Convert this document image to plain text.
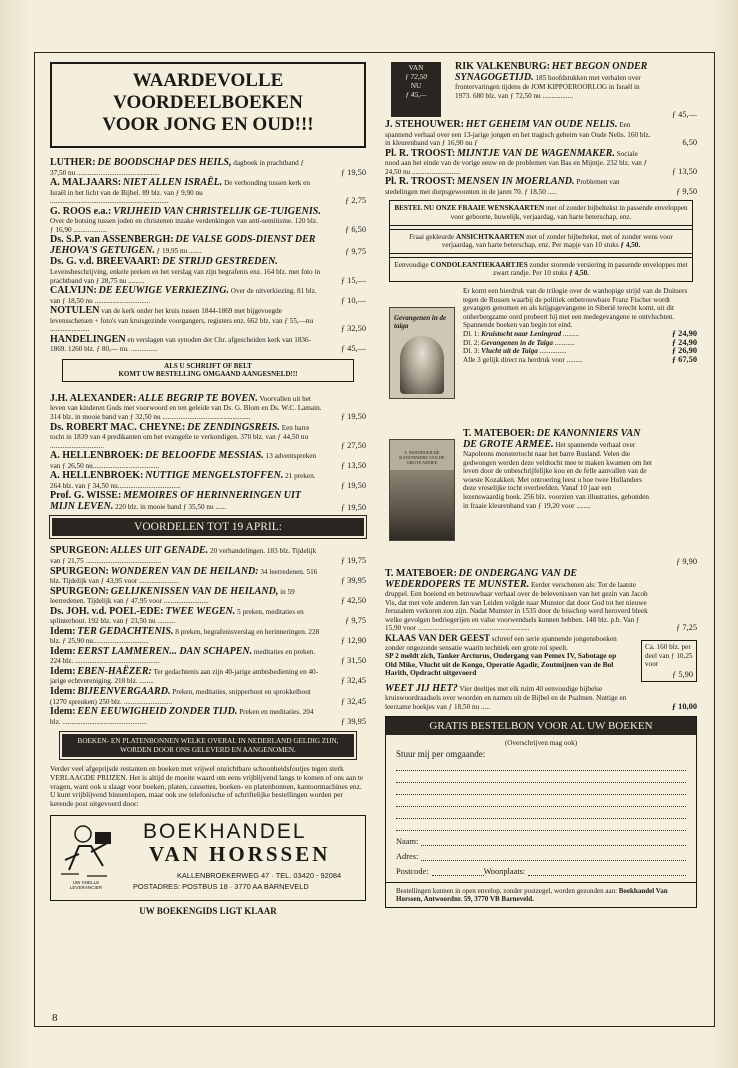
WAARDEVOLLE
VOORDEELBOEKEN
VOOR JONG EN OUD!!!
LUTHER: DE BOODSCHAP DES HEILS, dagboek in prachtband ƒ 37,50 nu ..............................................	ƒ 19,50
A. MALJAARS: NIET ALLEN ISRAËL. De verhouding tussen kerk en Israël in het licht van de Bijbel. 89 blz. van ƒ 9,90 nu ..................................................................	ƒ 2,75
G. ROOS e.a.: VRIJHEID VAN CHRISTELIJK GE-TUIGENIS. Over de botsing tussen joden en christenen inzake verdenkingen van anti-semitisme. 120 blz. ƒ 16,90 ...................	ƒ 6,50
Ds. S.P. van ASSENBERGH: DE VALSE GODS-DIENST DER JEHOVA'S GETUIGEN. ƒ 19,95 nu .......	ƒ 9,75
Ds. G. v.d. BREEVAART: DE STRIJD GESTREDEN. Levensbeschrijving, enkele preken en het verslag van zijn begrafenis enz. 164 blz. met foto in prachtband van ƒ 28,75 nu .........	ƒ 15,—
CALVIJN: DE EEUWIGE VERKIEZING. Over de uitverkiezing. 81 blz. van ƒ 18,50 nu ...............................	ƒ 10,—
NOTULEN van de kerk onder het kruis tussen 1844-1869 met bijgevoegde levensschetsen + foto's van kruisgezinde voorgangers, registers enz. 662 blz. van ƒ 55,—nu ......................	ƒ 32,50
HANDELINGEN en verslagen van synoden der Chr. afgescheiden kerk van 1836-1869. 1260 blz. ƒ 80,— nu. ...............	ƒ 45,—
ALS U SCHRIJFT OF BELT
KOMT UW BESTELLING OMGAAND AANGESNELD!!!
J.H. ALEXANDER: ALLE BEGRIP TE BOVEN. Voorvallen uit het leven van kinderen Gods met voorwoord en ten geleide van Ds. G. Blom en Ds. W.C. Lamain. 314 blz. in mooie band van ƒ 32,50 nu .................................................	ƒ 19,50
Ds. ROBERT MAC. CHEYNE: DE ZENDINGSREIS. Een barre tocht in 1839 van 4 predikanten om het evangelie te verkondigen. 370 blz. van ƒ 44,50 nu ..............................	ƒ 27,50
A. HELLENBROEK: DE BELOOFDE MESSIAS. 13 adventspreken van ƒ 26,50 nu.....................................	ƒ 13,50
A. HELLENBROEK: NUTTIGE MENGELSTOFFEN. 21 preken. 264 blz. van ƒ 34,50 nu...................................	ƒ 19,50
Prof. G. WISSE: MEMOIRES OF HERINNERINGEN UIT MIJN LEVEN. 220 blz. in mooie band ƒ 35,50 nu ......	ƒ 19,50
VOORDELEN TOT 19 APRIL:
SPURGEON: ALLES UIT GENADE. 20 verhandelingen. 183 blz. Tijdelijk van ƒ 21,75 ..........................................	ƒ 19,75
SPURGEON: WONDEREN VAN DE HEILAND: 34 leerredenen. 516 blz. Tijdelijk van ƒ 43,95 voor ......................	ƒ 39,95
SPURGEON: GELIJKENISSEN VAN DE HEILAND, in 59 leerredenen. Tijdelijk van ƒ 47,95 voor .........................	ƒ 42,50
Ds. JOH. v.d. POEL-EDE: TWEE WEGEN. 5 preken, meditaties en splinterhout. 192 blz. van ƒ 23,50 nu ..........	ƒ 9,75
Idem: TER GEDACHTENIS. 8 preken, begrafenisverslag en herinneringen. 228 blz. ƒ 25,90 nu...............................	ƒ 12,90
Idem: EERST LAMMEREN... DAN SCHAPEN. meditaties en preken. 224 blz. ...............................................	ƒ 31,50
Idem: EBEN-HAËZER: Ter gedachtenis aan zijn 40-jarige ambtsbediening en 40-jarige echtvereniging. 218 blz. ........	ƒ 32,45
Idem: BIJEENVERGAARD. Preken, meditaties, snipperhout en sprokkelhout (1270 spreuken) 250 blz. ...........................	ƒ 32,45
Idem: EEN EEUWIGHEID ZONDER TIJD. Preken en meditaties. 204 blz. ...............................................	ƒ 39,95
BOEKEN- EN PLATENBONNEN WELKE OVERAL IN NEDERLAND GELDIG ZIJN, WORDEN DOOR ONS GELEVERD EN AANGENOMEN.
Verder veel afgeprijsde restanten en boeken met vrijwel onzichtbare schoonheidsfoutjes tegen sterk VERLAAGDE PRIJZEN. Het is altijd de moeite waard om eens vrijblijvend langs te komen of ons aan te vragen, want ook u slaagt voor boeken, platen, cassettes, boeken- en platenbonnen, kantoormachines enz. U kunt vrijblijvend binnenlopen, maar ook uw telefonische of schriftelijke bestellingen worden per kerende post uitgevoerd door:
BOEKHANDEL
VAN HORSSEN
KALLENBROEKERWEG 47 · TEL. 03420 - 92084
POSTADRES: POSTBUS 18 · 3770 AA BARNEVELD
UW SNELLE LEVERANCIER
UW BOEKENGIDS LIGT KLAAR
VAN
ƒ 72,50
NU
ƒ 45,—
RIK VALKENBURG: HET BEGON ONDER SYNAGOGETIJD. 185 hoofdstukken met verhalen over frontervaringen tijdens de JOM KIPPOEROORLOG in Israël in 1973. 680 blz. van ƒ 72,50 nu .................
ƒ 45,—
J. STEHOUWER: HET GEHEIM VAN OUDE NELIS. Een spannend verhaal over een 13-jarige jongen en het tragisch geheim van Oude Nelis. 160 blz. in kleurenband van ƒ 16,90 nu ƒ	6,50
Pl. R. TROOST: MIJNTJE VAN DE WAGENMAKER. Sociale nood aan het einde van de vorige eeuw en de problemen van Bas en Mijntje. 232 blz. van ƒ 24,50 nu ...........................	ƒ 13,50
Pl. R. TROOST: MENSEN IN MOERLAND. Problemen van stedelingen met dorpsgewoonten in de jaren 70. ƒ 18,50 .....	ƒ 9,50
BESTEL NU ONZE FRAAIE WENSKAARTEN met of zonder bijbeltekst in passende enveloppen voor geboorte, huwelijk, verjaardag, van harte beterschap, enz.
Fraai gekleurde ANSICHTKAARTEN met of zonder bijbeltekst, met of zonder wens voor verjaardag, van harte beterschap, enz. Per mapje van 10 stuks ƒ 4,50.
Eenvoudige CONDOLEANTIEKAARTJES zonder storende versiering in passende enveloppes met zwart randje. Per 10 stuks ƒ 4,50.
Gevangenen in de taiga
Er komt een hierdruk van de trilogie over de wanhopige strijd van de Duitsers tegen de Russen waarbij de politiek onbetrouwbare Franz Fischer wordt gevangen genomen en als krijgsgevangene in Siberië terecht komt, uit dit onherbergzame oord probeert hij met een medegevangene te ontvluchten. Spannende boeken van begin tot eind.
Dl. 1: Kruistocht naar Leningrad .........	ƒ 24,90
Dl. 2: Gevangenen in de Taiga ...........	ƒ 24,90
Dl. 3: Vlucht uit de Taiga ...............	ƒ 26,90
Alle 3 gelijk direct na herdruk voor .........	ƒ 67,50
T. MATEBOER DE KANONNIERS VAN DE GROTE ARMEE
T. MATEBOER: DE KANONNIERS VAN DE GROTE ARMEE. Het spannende verhaal over Napoleons monstertocht naar het barre Rusland. Velen die gedwongen werden deze veldtocht mee te maken kwamen om het leven door de onbeschrijfelijke kou en de felle aanvallen van de woeste Kozakken. Met ontroering leest u hoe twee Hollanders deze vreselijke tocht overleefden. Vanaf 10 jaar een lezenswaardig boek. 256 blz. voorzien van illustraties, gebonden in fraaie kleurenband van ƒ 19,20 voor ........
ƒ 9,90
T. MATEBOER: DE ONDERGANG VAN DE WEDERDOPERS TE MUNSTER. Eerder verschenen als: Tot de laatste druppel. Een boeiend en betrouwbaar verhaal over de belevenissen van het gezin van Jacob Vis, dat met vele anderen Jan van Leiden volgde naar Munster dat door God tot het nieuwe Jeruzalem verkoren zou zijn. Nadat Munster in 1535 door de bisschop werd heroverd bleek welke gevolgen bedriegerijen en valse voorwendsels kunnen hebben. 148 blz. p.b. Van ƒ 15,90 voor ..............................................................	ƒ 7,25
KLAAS VAN DER GEEST schreef een serie spannende jongensboeken zonder ongezonde sensatie waarin techniek een grote rol speelt.
SP 2 meldt zich, Tanker Arcturus, Ondergang van Pemex IV, Sabotage op Old Mike, Vlucht uit de Kongo, Operatie Agadir, Zoutmijnen van de Bol Harith, Opdracht uitgevoerd
Ca. 160 blz. per deel van ƒ 10,25 voor
ƒ 5,90
WEET JIJ HET? Vier deeltjes met elk ruim 40 eenvoudige bijbelse kruiswoordraadsels over woorden en namen uit de Bijbel en de Psalmen. Nuttige en leerzame boekjes van ƒ 18,50 nu .....	ƒ 10,00
GRATIS BESTELBON VOOR AL UW BOEKEN
(Overschrijven mag ook)
Stuur mij per omgaande:
Naam:
Adres:
Postcode:	Woonplaats:
Bestellingen kunnen in open envelop, zonder postzegel, worden gezonden aan: Boekhandel Van Horssen, Antwoordnr. 59, 3770 VB Barneveld.
8
